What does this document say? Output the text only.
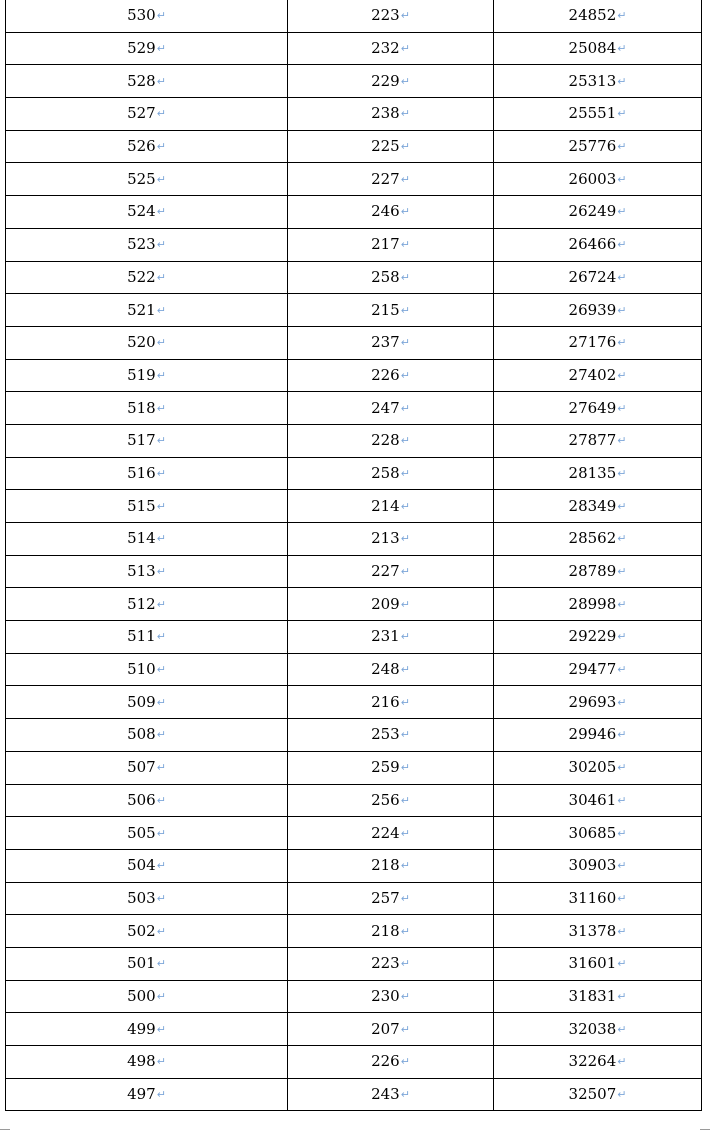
530↵	223↵	24852↵
529↵	232↵	25084↵
528↵	229↵	25313↵
527↵	238↵	25551↵
526↵	225↵	25776↵
525↵	227↵	26003↵
524↵	246↵	26249↵
523↵	217↵	26466↵
522↵	258↵	26724↵
521↵	215↵	26939↵
520↵	237↵	27176↵
519↵	226↵	27402↵
518↵	247↵	27649↵
517↵	228↵	27877↵
516↵	258↵	28135↵
515↵	214↵	28349↵
514↵	213↵	28562↵
513↵	227↵	28789↵
512↵	209↵	28998↵
511↵	231↵	29229↵
510↵	248↵	29477↵
509↵	216↵	29693↵
508↵	253↵	29946↵
507↵	259↵	30205↵
506↵	256↵	30461↵
505↵	224↵	30685↵
504↵	218↵	30903↵
503↵	257↵	31160↵
502↵	218↵	31378↵
501↵	223↵	31601↵
500↵	230↵	31831↵
499↵	207↵	32038↵
498↵	226↵	32264↵
497↵	243↵	32507↵
